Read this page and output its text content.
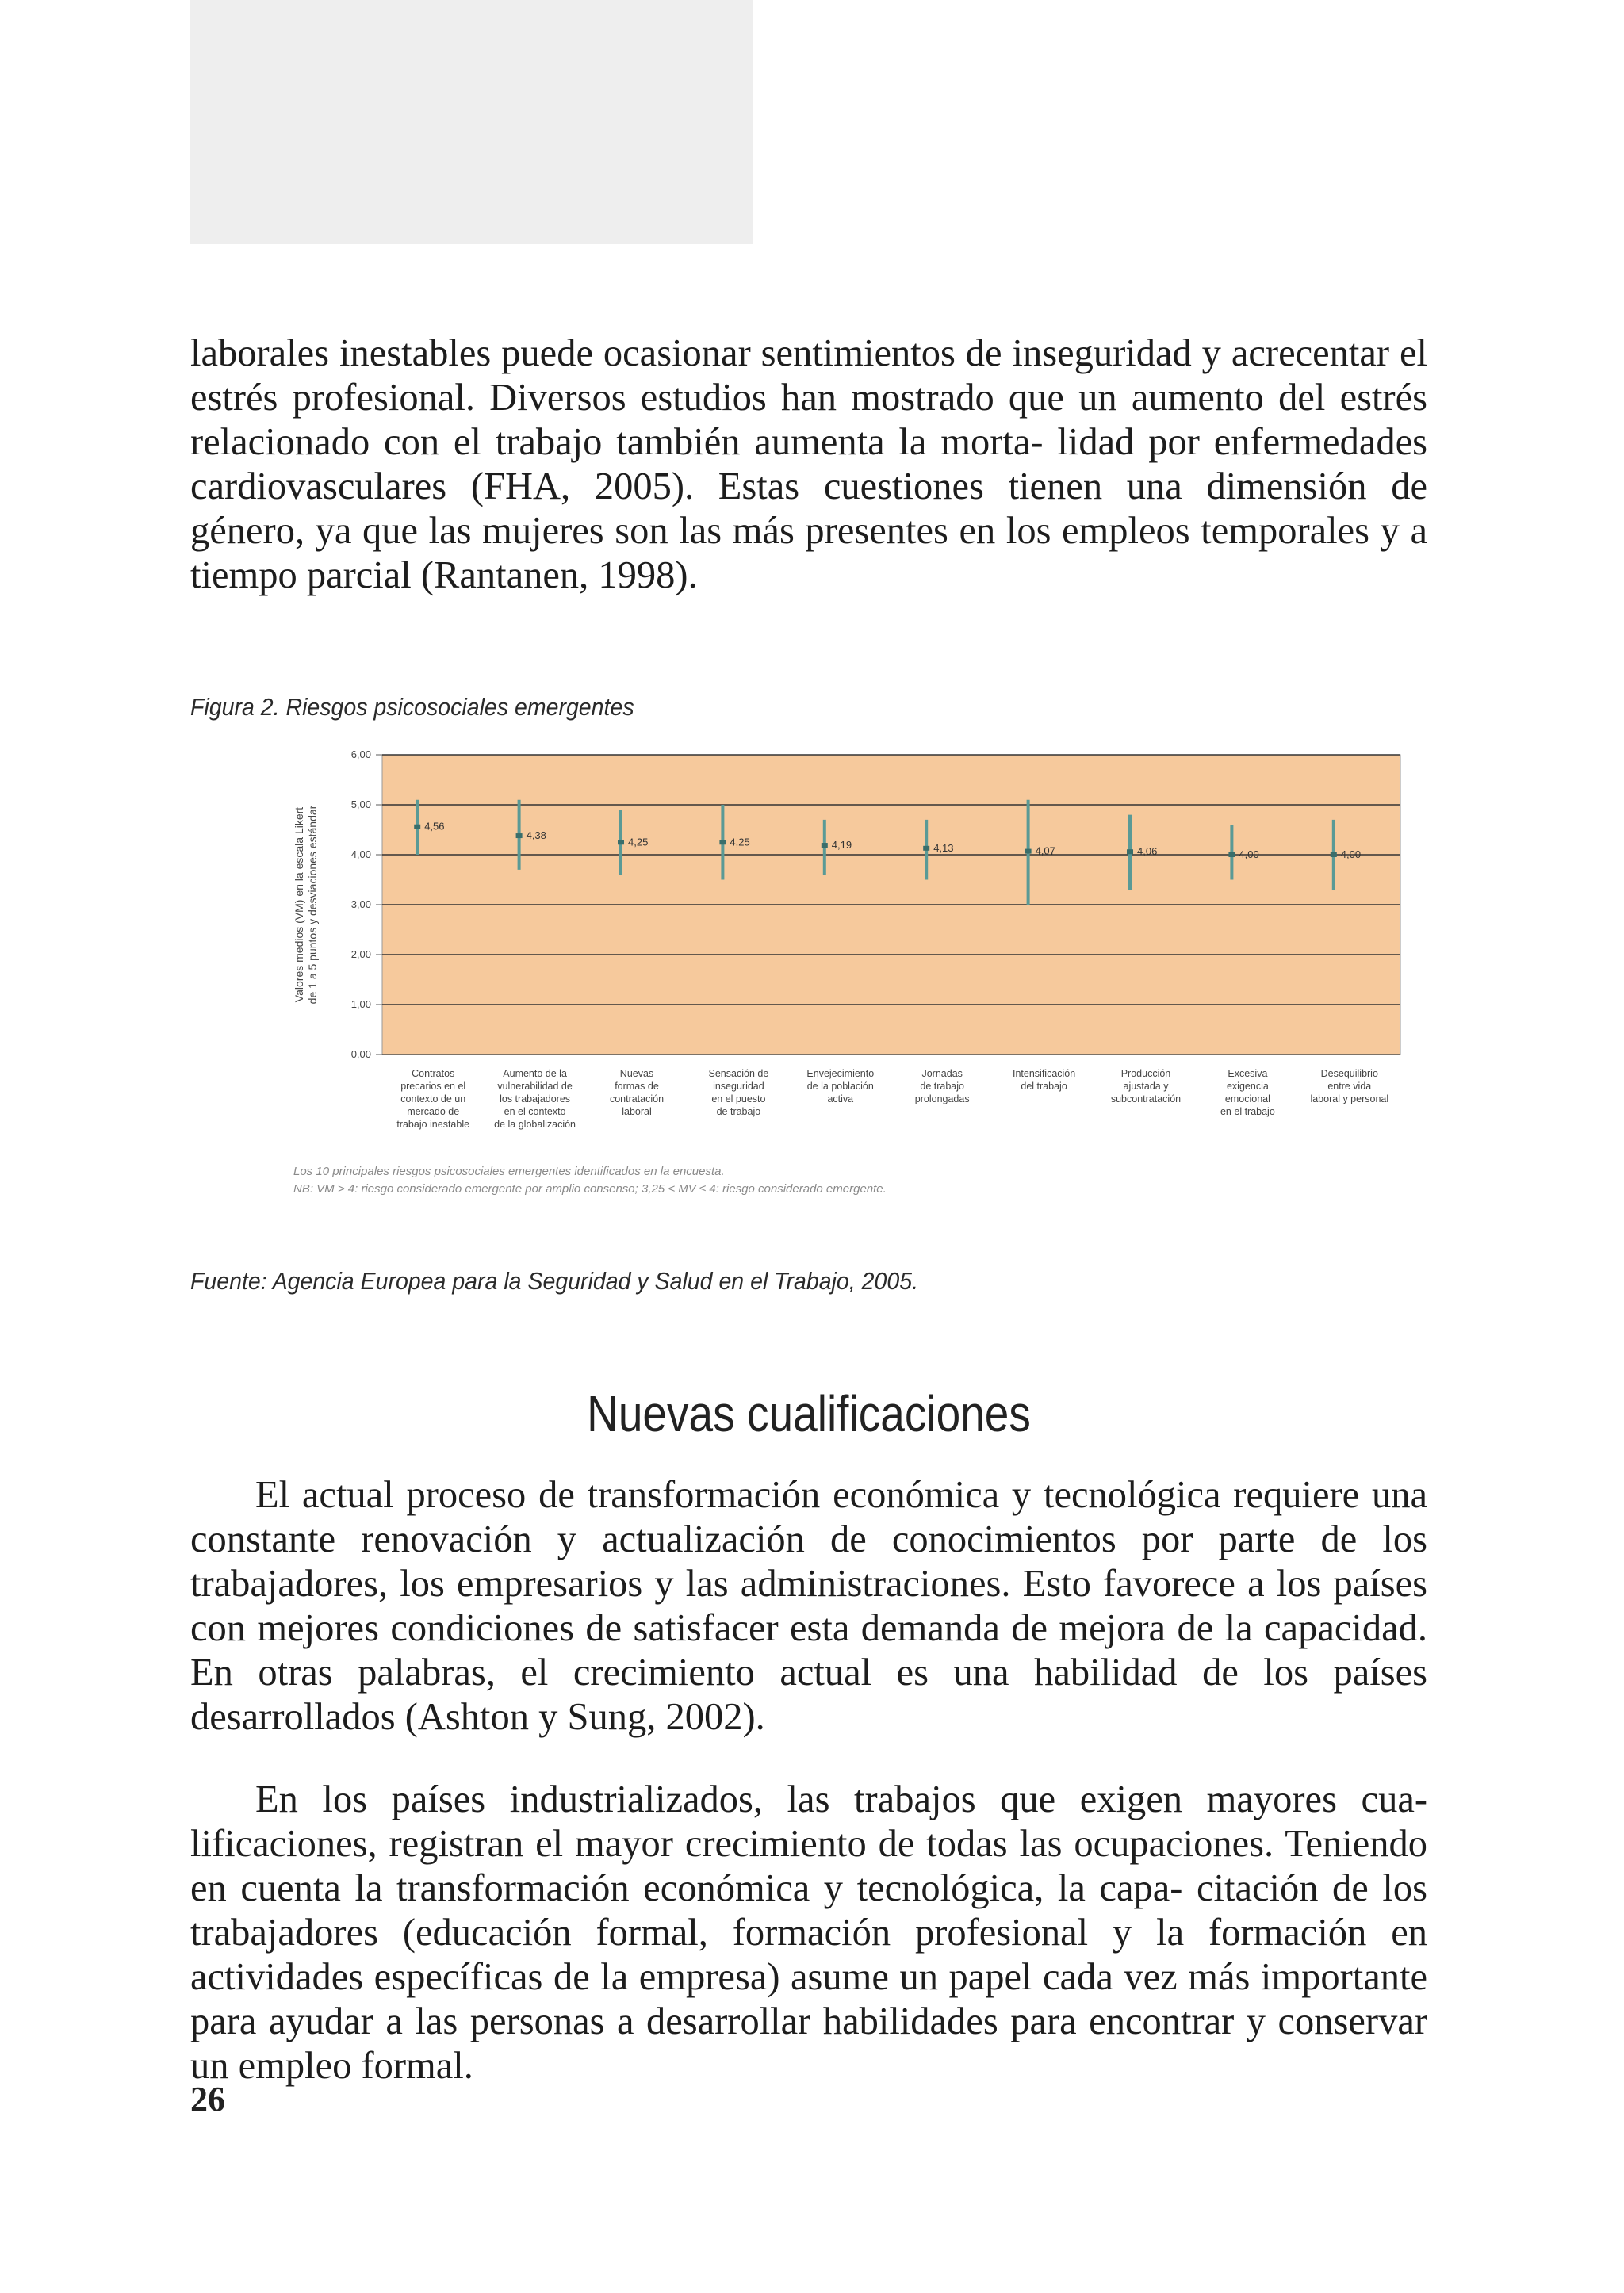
laborales inestables puede ocasionar sentimientos de inseguridad y acrecentar el estrés profesional. Diversos estudios han mostrado que un aumento del estrés relacionado con el trabajo también aumenta la morta- lidad por enfermedades cardiovasculares (FHA, 2005). Estas cuestiones tienen una dimensión de género, ya que las mujeres son las más presentes en los empleos temporales y a tiempo parcial (Rantanen, 1998).

Figura 2. Riesgos psicosociales emergentes

0,00
1,00
2,00
3,00
4,00
5,00
6,00
Valores medios (VM) en la escala Likertde 1 a 5 puntos y desviaciones estándar	4,56
Contratos
precarios en el
contexto de un
mercado de
trabajo inestable
4,38
Aumento de la
vulnerabilidad de
los trabajadores
en el contexto
de la globalización
4,25
Nuevas
formas de
contratación
laboral
4,25
Sensación de
inseguridad
en el puesto
de trabajo
4,19
Envejecimiento
de la población
activa
4,13
Jornadas
de trabajo
prolongadas
4,07
Intensificación
del trabajo
4,06
Producción
ajustada y
subcontratación
4,00
Excesiva
exigencia
emocional
en el trabajo
4,00
Desequilibrio
entre vida
laboral y personal
Los 10 principales riesgos psicosociales emergentes identificados en la encuesta.
NB: VM > 4: riesgo considerado emergente por amplio consenso; 3,25 < MV ≤ 4: riesgo considerado emergente.

Fuente: Agencia Europea para la Seguridad y Salud en el Trabajo, 2005.

Nuevas cualificaciones

El actual proceso de transformación económica y tecnológica requiere una constante renovación y actualización de conocimientos por parte de los trabajadores, los empresarios y las administraciones. Esto favorece a los países con mejores condiciones de satisfacer esta demanda de mejora de la capacidad. En otras palabras, el crecimiento actual es una habilidad de los países desarrollados (Ashton y Sung, 2002).

En los países industrializados, las trabajos que exigen mayores cua- lificaciones, registran el mayor crecimiento de todas las ocupaciones. Teniendo en cuenta la transformación económica y tecnológica, la capa- citación de los trabajadores (educación formal, formación profesional y la formación en actividades específicas de la empresa) asume un papel cada vez más importante para ayudar a las personas a desarrollar habilidades para encontrar y conservar un empleo formal.

26
